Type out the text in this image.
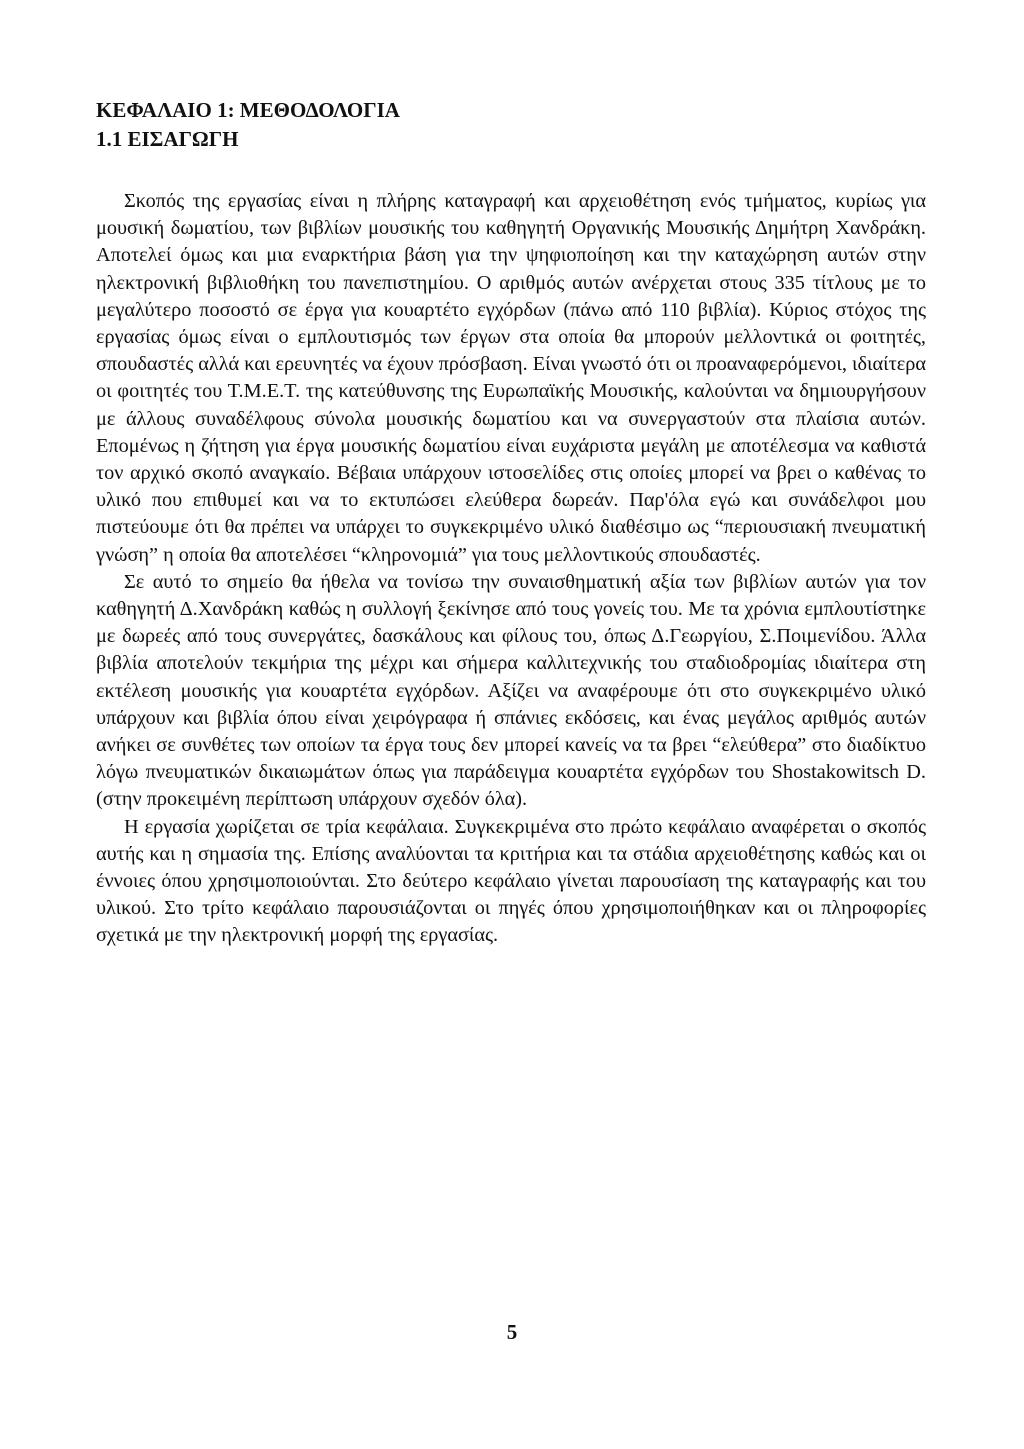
ΚΕΦΑΛΑΙΟ 1: ΜΕΘΟΔΟΛΟΓΙΑ
1.1 ΕΙΣΑΓΩΓΗ

Σκοπός της εργασίας είναι η πλήρης καταγραφή και αρχειοθέτηση ενός τμήματος, κυρίως για μουσική δωματίου, των βιβλίων μουσικής του καθηγητή Οργανικής Μουσικής Δημήτρη Χανδράκη. Αποτελεί όμως και μια εναρκτήρια βάση για την ψηφιοποίηση και την καταχώρηση αυτών στην ηλεκτρονική βιβλιοθήκη του πανεπιστημίου. Ο αριθμός αυτών ανέρχεται στους 335 τίτλους με το μεγαλύτερο ποσοστό σε έργα για κουαρτέτο εγχόρδων (πάνω από 110 βιβλία). Κύριος στόχος της εργασίας όμως είναι ο εμπλουτισμός των έργων στα οποία θα μπορούν μελλοντικά οι φοιτητές, σπουδαστές αλλά και ερευνητές να έχουν πρόσβαση. Είναι γνωστό ότι οι προαναφερόμενοι, ιδιαίτερα οι φοιτητές του Τ.Μ.Ε.Τ. της κατεύθυνσης της Ευρωπαϊκής Μουσικής, καλούνται να δημιουργήσουν με άλλους συναδέλφους σύνολα μουσικής δωματίου και να συνεργαστούν στα πλαίσια αυτών. Επομένως η ζήτηση για έργα μουσικής δωματίου είναι ευχάριστα μεγάλη με αποτέλεσμα να καθιστά τον αρχικό σκοπό αναγκαίο. Βέβαια υπάρχουν ιστοσελίδες στις οποίες μπορεί να βρει ο καθένας το υλικό που επιθυμεί και να το εκτυπώσει ελεύθερα δωρεάν. Παρ'όλα εγώ και συνάδελφοι μου πιστεύουμε ότι θα πρέπει να υπάρχει το συγκεκριμένο υλικό διαθέσιμο ως “περιουσιακή πνευματική γνώση” η οποία θα αποτελέσει “κληρονομιά” για τους μελλοντικούς σπουδαστές.

Σε αυτό το σημείο θα ήθελα να τονίσω την συναισθηματική αξία των βιβλίων αυτών για τον καθηγητή Δ.Χανδράκη καθώς η συλλογή ξεκίνησε από τους γονείς του. Με τα χρόνια εμπλουτίστηκε με δωρεές από τους συνεργάτες, δασκάλους και φίλους του, όπως Δ.Γεωργίου, Σ.Ποιμενίδου. Άλλα βιβλία αποτελούν τεκμήρια της μέχρι και σήμερα καλλιτεχνικής του σταδιοδρομίας ιδιαίτερα στη εκτέλεση μουσικής για κουαρτέτα εγχόρδων. Αξίζει να αναφέρουμε ότι στο συγκεκριμένο υλικό υπάρχουν και βιβλία όπου είναι χειρόγραφα ή σπάνιες εκδόσεις, και ένας μεγάλος αριθμός αυτών ανήκει σε συνθέτες των οποίων τα έργα τους δεν μπορεί κανείς να τα βρει “ελεύθερα” στο διαδίκτυο λόγω πνευματικών δικαιωμάτων όπως για παράδειγμα κουαρτέτα εγχόρδων του Shostakowitsch D.(στην προκειμένη περίπτωση υπάρχουν σχεδόν όλα).

Η εργασία χωρίζεται σε τρία κεφάλαια. Συγκεκριμένα στο πρώτο κεφάλαιο αναφέρεται ο σκοπός αυτής και η σημασία της. Επίσης αναλύονται τα κριτήρια και τα στάδια αρχειοθέτησης καθώς και οι έννοιες όπου χρησιμοποιούνται. Στο δεύτερο κεφάλαιο γίνεται παρουσίαση της καταγραφής και του υλικού. Στο τρίτο κεφάλαιο παρουσιάζονται οι πηγές όπου χρησιμοποιήθηκαν και οι πληροφορίες σχετικά με την ηλεκτρονική μορφή της εργασίας.

5
